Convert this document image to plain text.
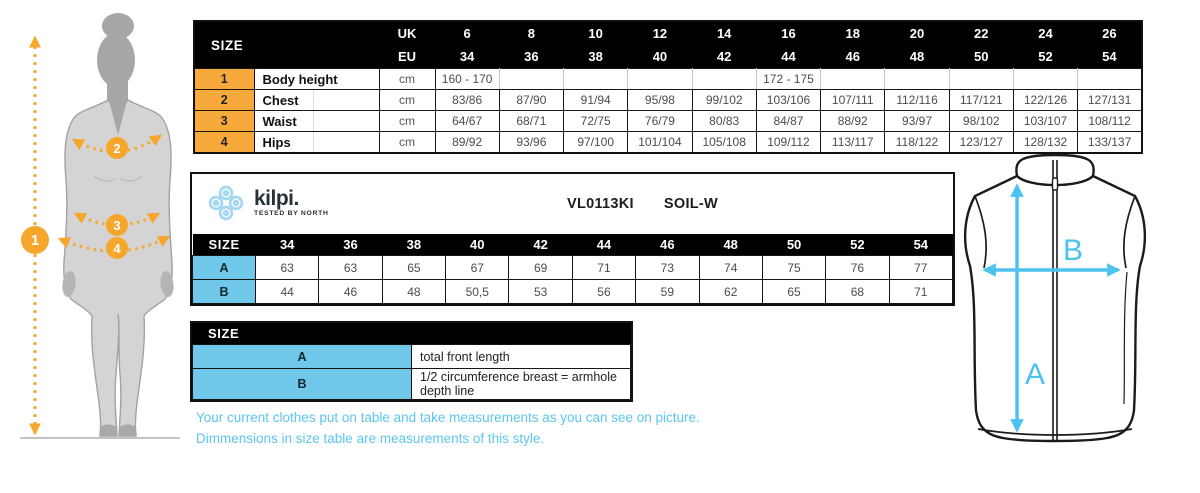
1
2
3
4
SIZE		UK	6	8	10	12	14	16	18	20	22	24	26
		EU	34	36	38	40	42	44	46	48	50	52	54
1	Body height	cm	160 - 170					172 - 175					
2	Chest	cm	83/86	87/90	91/94	95/98	99/102	103/106	107/111	112/116	117/121	122/126	127/131
3	Waist	cm	64/67	68/71	72/75	76/79	80/83	84/87	88/92	93/97	98/102	103/107	108/112
4	Hips	cm	89/92	93/96	97/100	101/104	105/108	109/112	113/117	118/122	123/127	128/132	133/137
kilpi.
TESTED BY NORTH
VL0113KI SOIL-W
SIZE	34	36	38	40	42	44	46	48	50	52	54
A	63	63	65	67	69	71	73	74	75	76	77
B	44	46	48	50,5	53	56	59	62	65	68	71
SIZE
A	total front length
B	1/2 circumference breast = armhole depth line
Your current clothes put on table and take measurements as you can see on picture.
Dimmensions in size table are measurements of this style.
A
B
